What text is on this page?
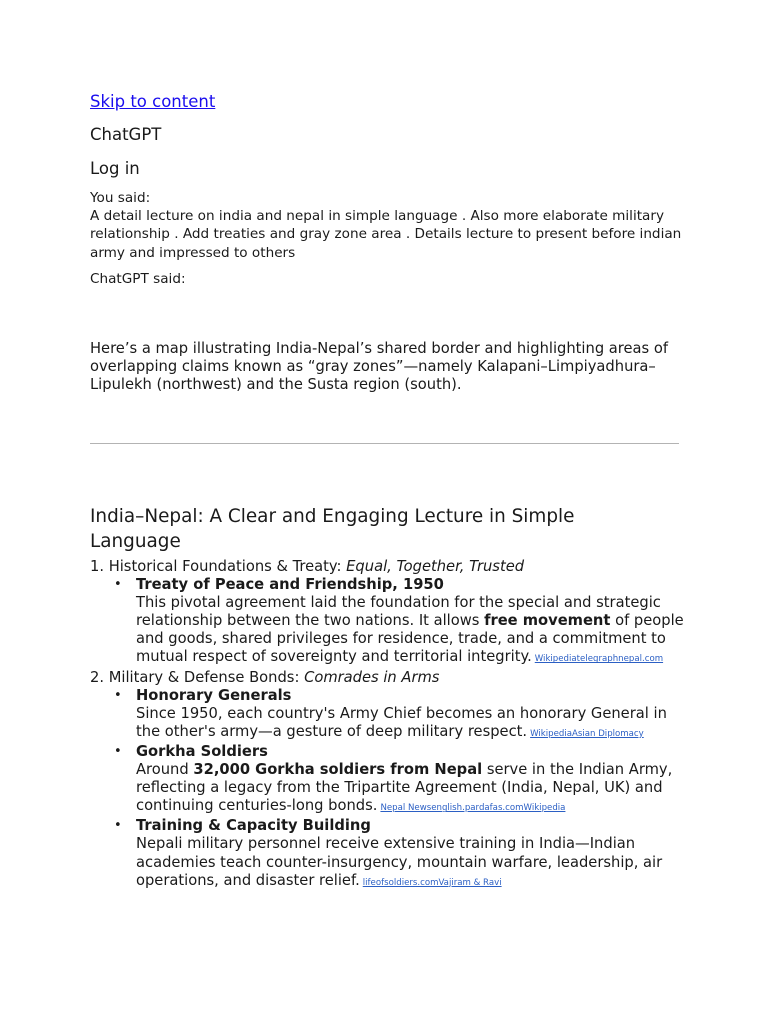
Skip to content
ChatGPT
Log in
You said:
A detail lecture on india and nepal in simple language . Also more elaborate military relationship . Add treaties and gray zone area . Details lecture to present before indian army and impressed to others
ChatGPT said:
Here’s a map illustrating India-Nepal’s shared border and highlighting areas of overlapping claims known as “gray zones”—namely Kalapani–Limpiyadhura–Lipulekh (northwest) and the Susta region (south).
India–Nepal: A Clear and Engaging Lecture in Simple Language
1. Historical Foundations & Treaty: Equal, Together, Trusted
• Treaty of Peace and Friendship, 1950
This pivotal agreement laid the foundation for the special and strategic relationship between the two nations. It allows free movement of people and goods, shared privileges for residence, trade, and a commitment to mutual respect of sovereignty and territorial integrity. Wikipediatelegraphnepal.com
2. Military & Defense Bonds: Comrades in Arms
• Honorary Generals
Since 1950, each country's Army Chief becomes an honorary General in the other's army—a gesture of deep military respect. WikipediaAsian Diplomacy
• Gorkha Soldiers
Around 32,000 Gorkha soldiers from Nepal serve in the Indian Army, reflecting a legacy from the Tripartite Agreement (India, Nepal, UK) and continuing centuries-long bonds. Nepal Newsenglish.pardafas.comWikipedia
• Training & Capacity Building
Nepali military personnel receive extensive training in India—Indian academies teach counter-insurgency, mountain warfare, leadership, air operations, and disaster relief. lifeofsoldiers.comVajiram & Ravi
